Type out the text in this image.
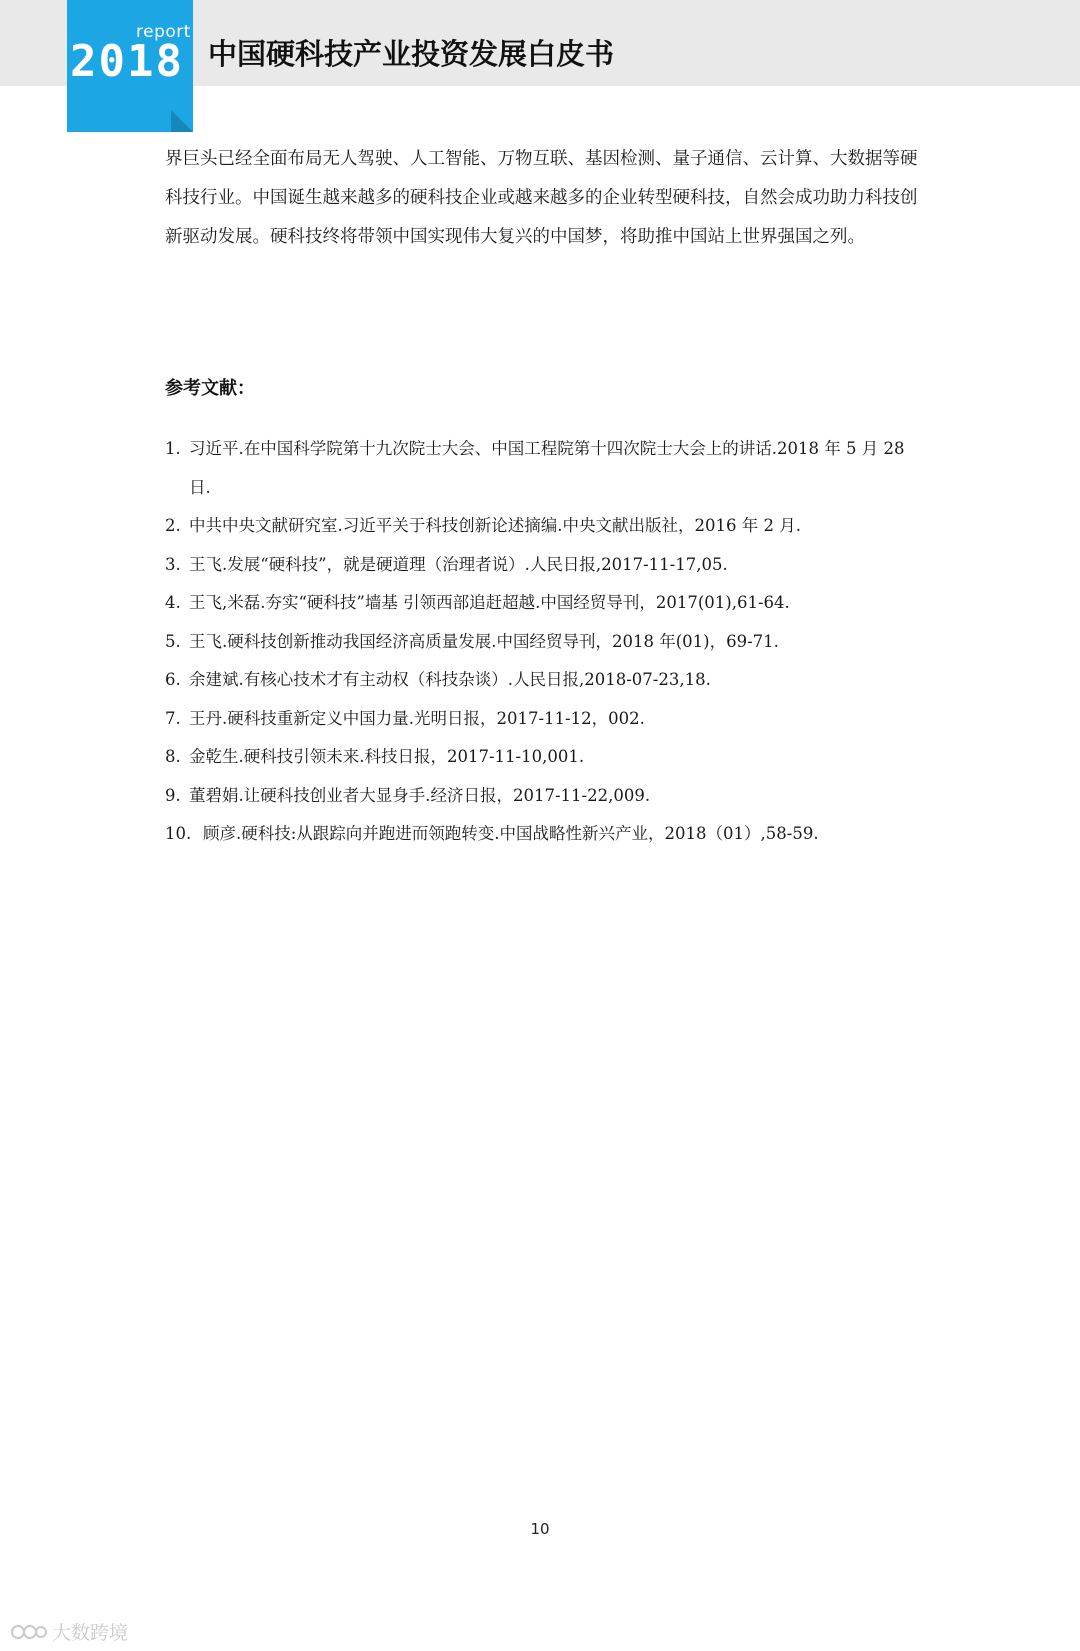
report
2018 中国硬科技产业投资发展白皮书

界巨头已经全面布局无人驾驶、人工智能、万物互联、基因检测、量子通信、云计算、大数据等硬科技行业。中国诞生越来越多的硬科技企业或越来越多的企业转型硬科技，自然会成功助力科技创新驱动发展。硬科技终将带领中国实现伟大复兴的中国梦，将助推中国站上世界强国之列。

参考文献：
1. 习近平.在中国科学院第十九次院士大会、中国工程院第十四次院士大会上的讲话.2018 年 5 月 28 日.
2. 中共中央文献研究室.习近平关于科技创新论述摘编.中央文献出版社，2016 年 2 月.
3. 王飞.发展“硬科技”，就是硬道理（治理者说）.人民日报,2017-11-17,05.
4. 王飞,米磊.夯实“硬科技”墙基 引领西部追赶超越.中国经贸导刊，2017(01),61-64.
5. 王飞.硬科技创新推动我国经济高质量发展.中国经贸导刊，2018 年(01)，69-71.
6. 余建斌.有核心技术才有主动权（科技杂谈）.人民日报,2018-07-23,18.
7. 王丹.硬科技重新定义中国力量.光明日报，2017-11-12，002.
8. 金乾生.硬科技引领未来.科技日报，2017-11-10,001.
9. 董碧娟.让硬科技创业者大显身手.经济日报，2017-11-22,009.
10. 顾彦.硬科技:从跟踪向并跑进而领跑转变.中国战略性新兴产业，2018（01）,58-59.
10
大数跨境
